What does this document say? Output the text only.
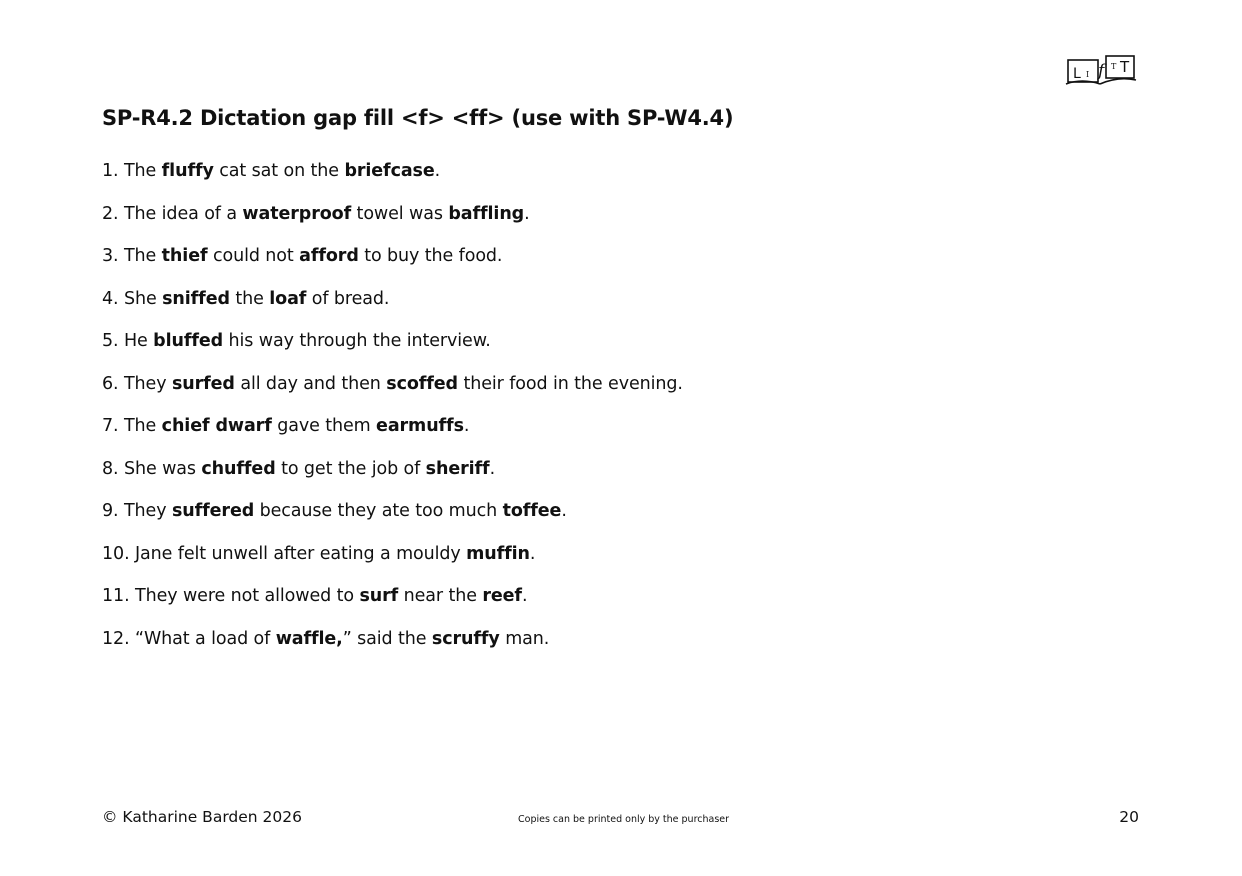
L I f T T
SP-R4.2 Dictation gap fill <f> <ff> (use with SP-W4.4)
1. The fluffy cat sat on the briefcase.
2. The idea of a waterproof towel was baffling.
3. The thief could not afford to buy the food.
4. She sniffed the loaf of bread.
5. He bluffed his way through the interview.
6. They surfed all day and then scoffed their food in the evening.
7. The chief dwarf gave them earmuffs.
8. She was chuffed to get the job of sheriff.
9. They suffered because they ate too much toffee.
10. Jane felt unwell after eating a mouldy muffin.
11. They were not allowed to surf near the reef.
12. “What a load of waffle,” said the scruffy man.
© Katharine Barden 2026	Copies can be printed only by the purchaser	20
